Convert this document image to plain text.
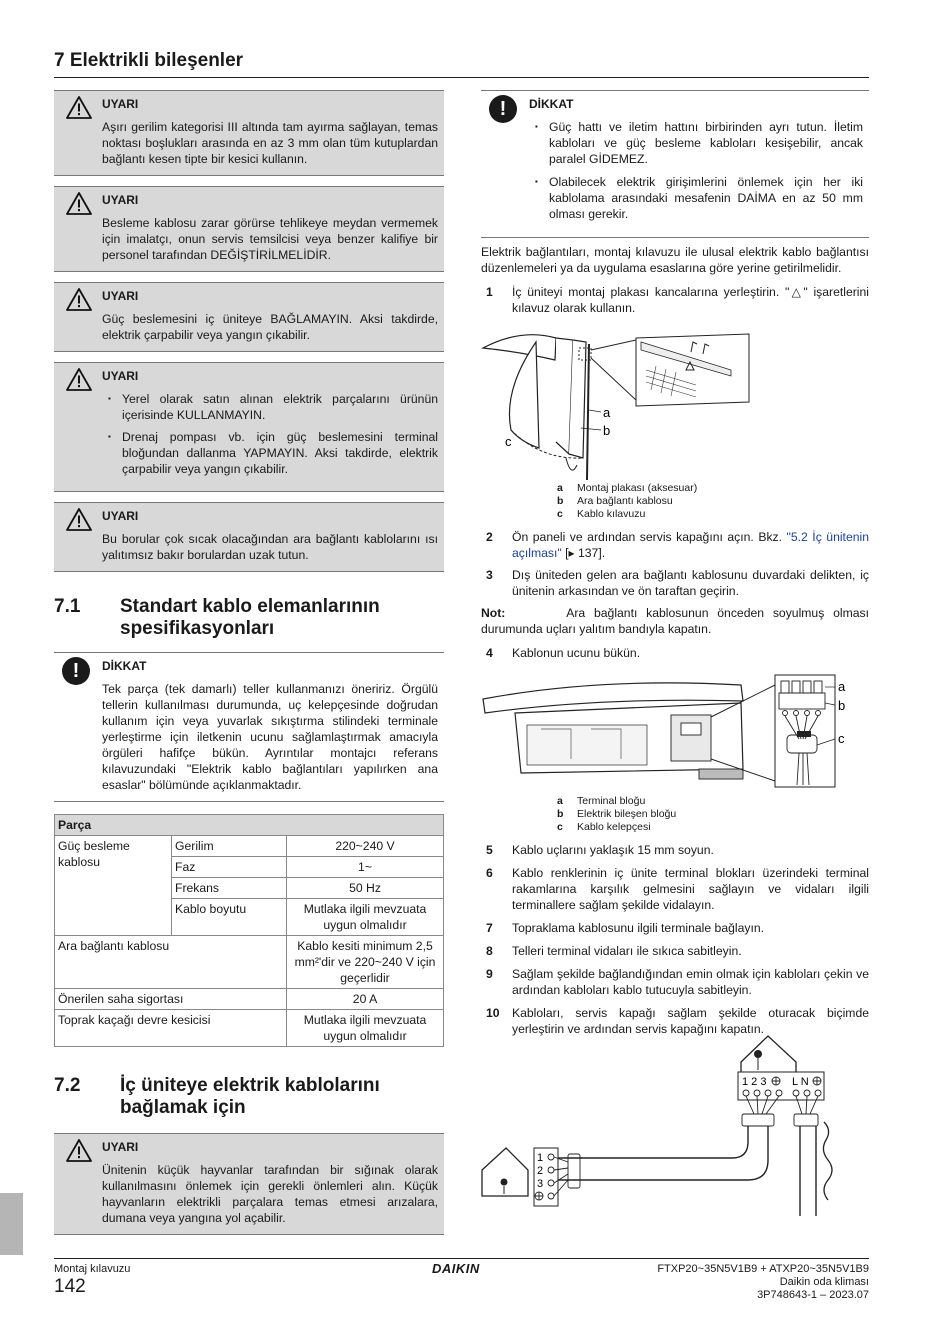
7 Elektrikli bileşenler
UYARI

Aşırı gerilim kategorisi III altında tam ayırma sağlayan, temas noktası boşlukları arasında en az 3 mm olan tüm kutuplardan bağlantı kesen tipte bir kesici kullanın.

UYARI

Besleme kablosu zarar görürse tehlikeye meydan vermemek için imalatçı, onun servis temsilcisi veya benzer kalifiye bir personel tarafından DEĞİŞTİRİLMELİDİR.

UYARI

Güç beslemesini iç üniteye BAĞLAMAYIN. Aksi takdirde, elektrik çarpabilir veya yangın çıkabilir.

UYARI
▪ Yerel olarak satın alınan elektrik parçalarını ürünün içerisinde KULLANMAYIN.
▪ Drenaj pompası vb. için güç beslemesini terminal bloğundan dallanma YAPMAYIN. Aksi takdirde, elektrik çarpabilir veya yangın çıkabilir.
UYARI

Bu borular çok sıcak olacağından ara bağlantı kablolarını ısı yalıtımsız bakır borulardan uzak tutun.

7.1	Standart kablo elemanlarının spesifikasyonları
!	DİKKAT

Tek parça (tek damarlı) teller kullanmanızı öneririz. Örgülü tellerin kullanılması durumunda, uç kelepçesinde doğrudan kullanım için veya yuvarlak sıkıştırma stilindeki terminale yerleştirme için iletkenin ucunu sağlamlaştırmak amacıyla örgüleri hafifçe bükün. Ayrıntılar montajcı referans kılavuzundaki "Elektrik kablo bağlantıları yapılırken ana esaslar" bölümünde açıklanmaktadır.

Parça		
Güç besleme kablosu	Gerilim	220~240 V
	Faz	1~
	Frekans	50 Hz
	Kablo boyutu	Mutlaka ilgili mevzuata uygun olmalıdır
Ara bağlantı kablosu		Kablo kesiti minimum 2,5 mm²'dir ve 220~240 V için geçerlidir
Önerilen saha sigortası		20 A
Toprak kaçağı devre kesicisi		Mutlaka ilgili mevzuata uygun olmalıdır
7.2	İç üniteye elektrik kablolarını bağlamak için
UYARI

Ünitenin küçük hayvanlar tarafından bir sığınak olarak kullanılmasını önlemek için gerekli önlemleri alın. Küçük hayvanların elektrikli parçalara temas etmesi arızalara, dumana veya yangına yol açabilir.

!	DİKKAT
▪ Güç hattı ve iletim hattını birbirinden ayrı tutun. İletim kabloları ve güç besleme kabloları kesişebilir, ancak paralel GİDEMEZ.
▪ Olabilecek elektrik girişimlerini önlemek için her iki kablolama arasındaki mesafenin DAİMA en az 50 mm olması gerekir.

Elektrik bağlantıları, montaj kılavuzu ile ulusal elektrik kablo bağlantısı düzenlemeleri ya da uygulama esaslarına göre yerine getirilmelidir.

1	İç üniteyi montaj plakası kancalarına yerleştirin. "△" işaretlerini kılavuz olarak kullanın.
a
b
c
a	Montaj plakası (aksesuar)
b	Ara bağlantı kablosu
c	Kablo kılavuzu
2	Ön paneli ve ardından servis kapağını açın. Bkz. "5.2 İç ünitenin açılması" [▸ 137].
3	Dış üniteden gelen ara bağlantı kablosunu duvardaki delikten, iç ünitenin arkasından ve ön taraftan geçirin.

Not:	Ara bağlantı kablosunun önceden soyulmuş olması durumunda uçları yalıtım bandıyla kapatın.

4	Kablonun ucunu bükün.
a
b
c
a	Terminal bloğu
b	Elektrik bileşen bloğu
c	Kablo kelepçesi
5	Kablo uçlarını yaklaşık 15 mm soyun.
6	Kablo renklerinin iç ünite terminal blokları üzerindeki terminal rakamlarına karşılık gelmesini sağlayın ve vidaları ilgili terminallere sağlam şekilde vidalayın.
7	Topraklama kablosunu ilgili terminale bağlayın.
8	Telleri terminal vidaları ile sıkıca sabitleyin.
9	Sağlam şekilde bağlandığından emin olmak için kabloları çekin ve ardından kabloları kablo tutucuyla sabitleyin.
10	Kabloları, servis kapağı sağlam şekilde oturacak biçimde yerleştirin ve ardından servis kapağını kapatın.
1 2 3 L N
1
2
3
Montaj kılavuzu
142
DAIKIN	FTXP20~35N5V1B9 + ATXP20~35N5V1B9
Daikin oda kliması
3P748643-1 – 2023.07
